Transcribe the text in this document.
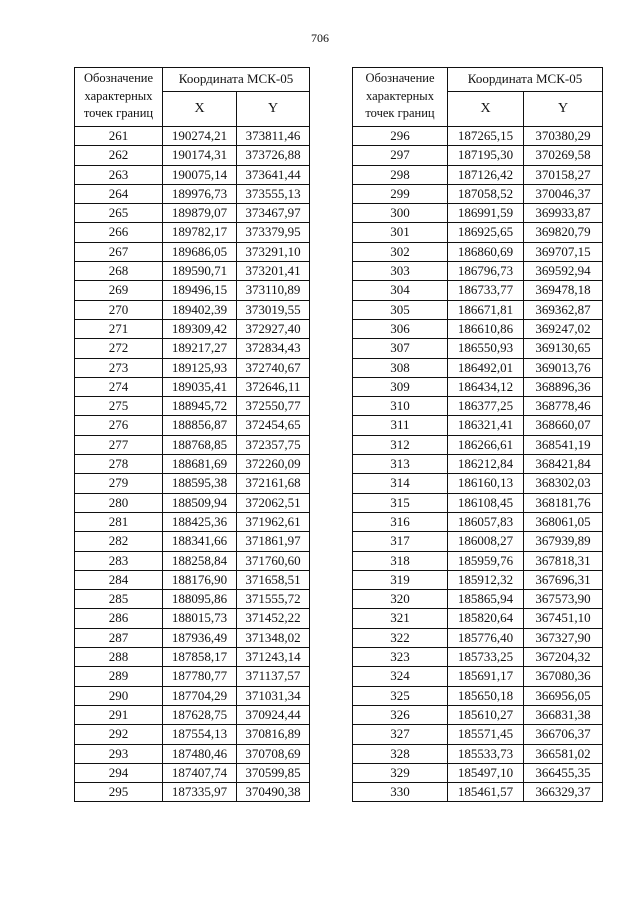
706
Обозначение
характерных
точек границ	Координата МСК-05	
	X	Y
261	190274,21	373811,46
262	190174,31	373726,88
263	190075,14	373641,44
264	189976,73	373555,13
265	189879,07	373467,97
266	189782,17	373379,95
267	189686,05	373291,10
268	189590,71	373201,41
269	189496,15	373110,89
270	189402,39	373019,55
271	189309,42	372927,40
272	189217,27	372834,43
273	189125,93	372740,67
274	189035,41	372646,11
275	188945,72	372550,77
276	188856,87	372454,65
277	188768,85	372357,75
278	188681,69	372260,09
279	188595,38	372161,68
280	188509,94	372062,51
281	188425,36	371962,61
282	188341,66	371861,97
283	188258,84	371760,60
284	188176,90	371658,51
285	188095,86	371555,72
286	188015,73	371452,22
287	187936,49	371348,02
288	187858,17	371243,14
289	187780,77	371137,57
290	187704,29	371031,34
291	187628,75	370924,44
292	187554,13	370816,89
293	187480,46	370708,69
294	187407,74	370599,85
295	187335,97	370490,38
Обозначение
характерных
точек границ	Координата МСК-05	
	X	Y
296	187265,15	370380,29
297	187195,30	370269,58
298	187126,42	370158,27
299	187058,52	370046,37
300	186991,59	369933,87
301	186925,65	369820,79
302	186860,69	369707,15
303	186796,73	369592,94
304	186733,77	369478,18
305	186671,81	369362,87
306	186610,86	369247,02
307	186550,93	369130,65
308	186492,01	369013,76
309	186434,12	368896,36
310	186377,25	368778,46
311	186321,41	368660,07
312	186266,61	368541,19
313	186212,84	368421,84
314	186160,13	368302,03
315	186108,45	368181,76
316	186057,83	368061,05
317	186008,27	367939,89
318	185959,76	367818,31
319	185912,32	367696,31
320	185865,94	367573,90
321	185820,64	367451,10
322	185776,40	367327,90
323	185733,25	367204,32
324	185691,17	367080,36
325	185650,18	366956,05
326	185610,27	366831,38
327	185571,45	366706,37
328	185533,73	366581,02
329	185497,10	366455,35
330	185461,57	366329,37
